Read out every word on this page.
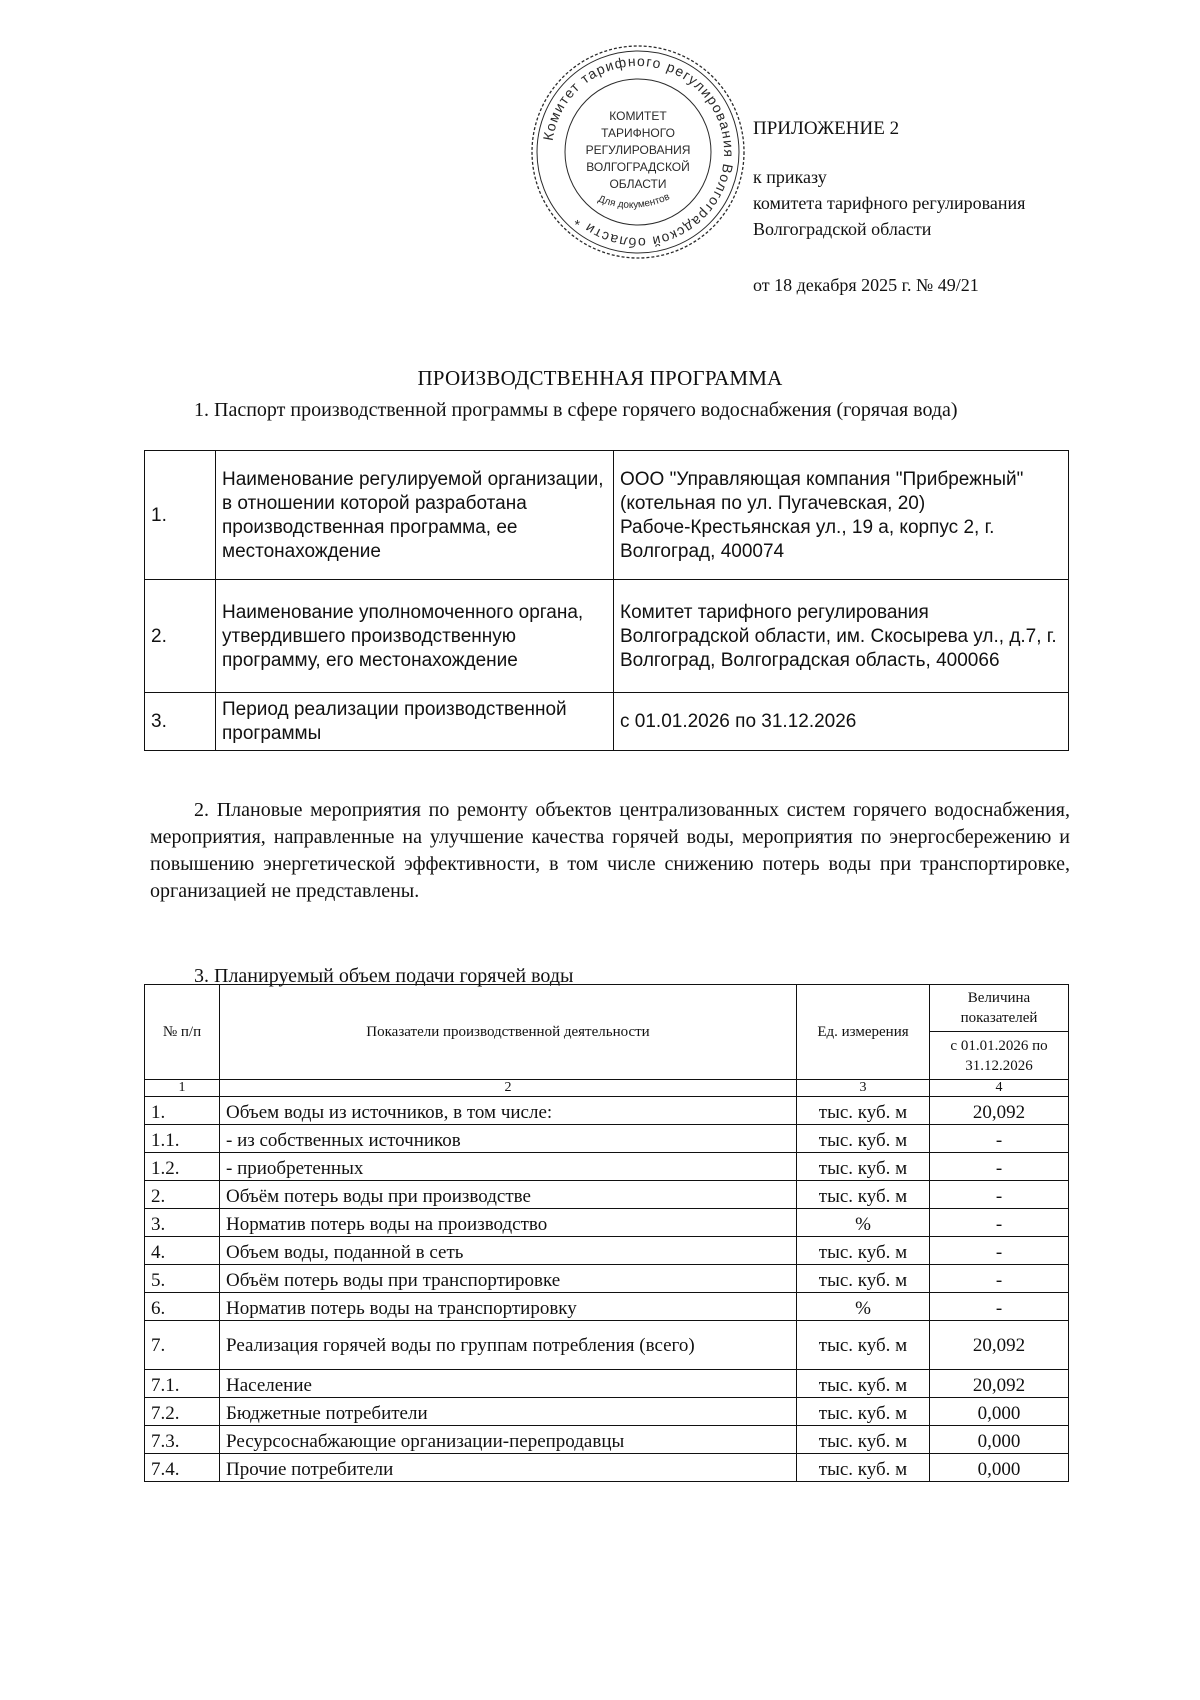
Комитет тарифного регулирования Волгоградской области *
КОМИТЕТ
ТАРИФНОГО
РЕГУЛИРОВАНИЯ
ВОЛГОГРАДСКОЙ
ОБЛАСТИ
Для документов
ПРИЛОЖЕНИЕ 2
к приказу
комитета тарифного регулирования
Волгоградской области
от 18 декабря 2025 г. № 49/21
ПРОИЗВОДСТВЕННАЯ ПРОГРАММА
1. Паспорт производственной программы в сфере горячего водоснабжения (горячая вода)
1.	Наименование регулируемой организации, в отношении которой разработана производственная программа, ее местонахождение	ООО "Управляющая компания "Прибрежный"
(котельная по ул. Пугачевская, 20)
Рабоче-Крестьянская ул., 19 а, корпус 2, г. Волгоград, 400074

2.	Наименование уполномоченного органа, утвердившего производственную программу, его местонахождение	Комитет тарифного регулирования Волгоградской области, им. Скосырева ул., д.7, г. Волгоград, Волгоградская область, 400066

3.	Период реализации производственной программы	с 01.01.2026 по 31.12.2026
2. Плановые мероприятия по ремонту объектов централизованных систем горячего водоснабжения, мероприятия, направленные на улучшение качества горячей воды, мероприятия по энергосбережению и повышению энергетической эффективности, в том числе снижению потерь воды при транспортировке, организацией не представлены.
3. Планируемый объем подачи горячей воды
№ п/п	Показатели производственной деятельности	Ед. измерения	Величина показателей
			с 01.01.2026 по 31.12.2026
1	2	3	4
1.	Объем воды из источников, в том числе:	тыс. куб. м	20,092
1.1.	- из собственных источников	тыс. куб. м	-
1.2.	- приобретенных	тыс. куб. м	-
2.	Объём потерь воды при производстве	тыс. куб. м	-
3.	Норматив потерь воды на производство	%	-
4.	Объем воды, поданной в сеть	тыс. куб. м	-
5.	Объём потерь воды при транспортировке	тыс. куб. м	-
6.	Норматив потерь воды на транспортировку	%	-
7.	Реализация горячей воды по группам потребления (всего)	тыс. куб. м	20,092
7.1.	Население	тыс. куб. м	20,092
7.2.	Бюджетные потребители	тыс. куб. м	0,000
7.3.	Ресурсоснабжающие организации-перепродавцы	тыс. куб. м	0,000
7.4.	Прочие потребители	тыс. куб. м	0,000
